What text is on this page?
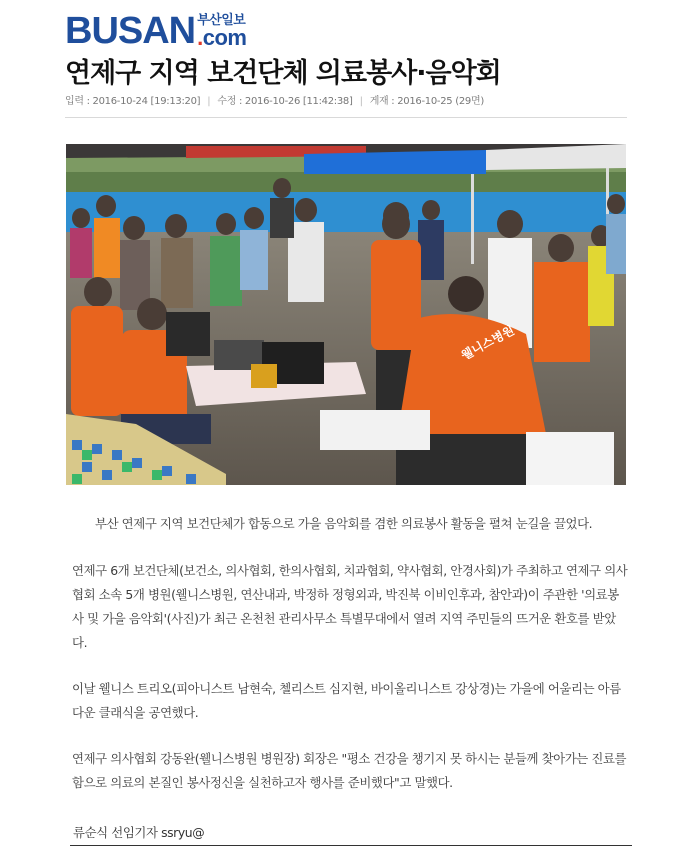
BUSAN 부산일보
.com
연제구 지역 보건단체 의료봉사·음악회
입력 : 2016-10-24 [19:13:20] | 수정 : 2016-10-26 [11:42:38] | 게재 : 2016-10-25 (29면)
웰니스병원

부산 연제구 지역 보건단체가 합동으로 가을 음악회를 겸한 의료봉사 활동을 펼쳐 눈길을 끌었다.

연제구 6개 보건단체(보건소, 의사협회, 한의사협회, 치과협회, 약사협회, 안경사회)가 주최하고 연제구 의사협회 소속 5개 병원(웰니스병원, 연산내과, 박정하 정형외과, 박진북 이비인후과, 참안과)이 주관한 '의료봉사 및 가을 음악회'(사진)가 최근 온천천 관리사무소 특별무대에서 열려 지역 주민들의 뜨거운 환호를 받았다.

이날 웰니스 트리오(피아니스트 남현숙, 첼리스트 심지현, 바이올리니스트 강상경)는 가을에 어울리는 아름다운 클래식을 공연했다.

연제구 의사협회 강동완(웰니스병원 병원장) 회장은 "평소 건강을 챙기지 못 하시는 분들께 찾아가는 진료를 함으로 의료의 본질인 봉사정신을 실천하고자 행사를 준비했다"고 말했다.

류순식 선임기자 ssryu@
